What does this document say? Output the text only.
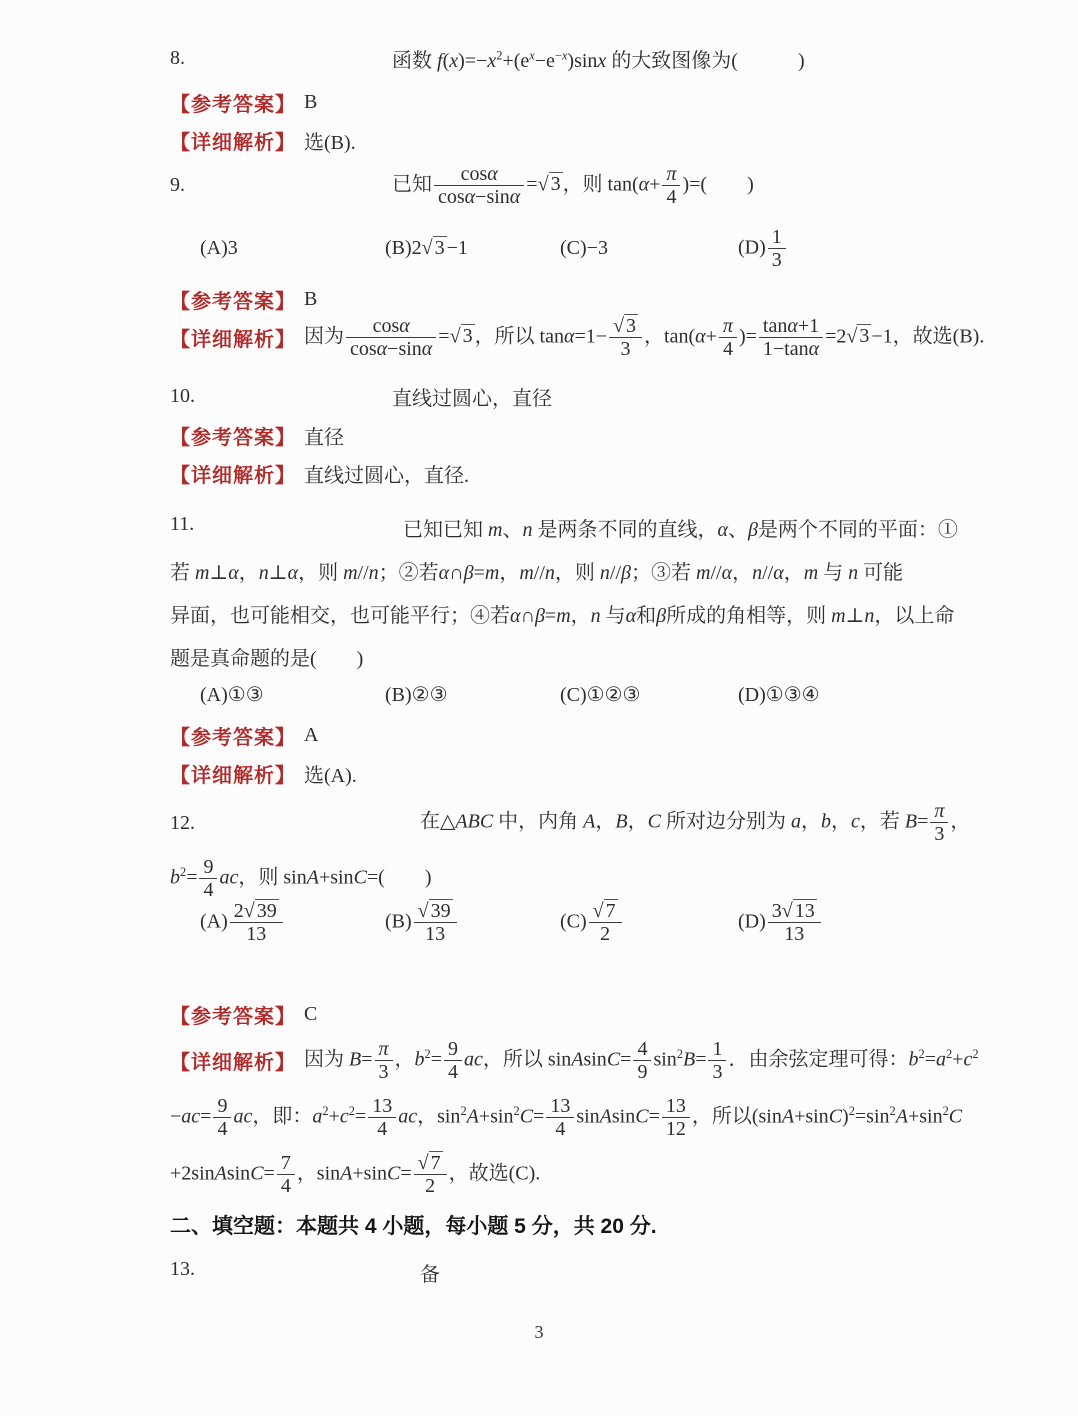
8.	函数 $f(x)=-x^2+(e^x-e^{-x})\sin x$ 的大致图像为(   )
【参考答案】 B
【详细解析】 选(B).
9.	已知 $\frac{\cos\alpha}{\cos\alpha-\sin\alpha}$ =√ 3 ，则 $\tan(\alpha+ \frac{\pi}{4}$ )=(  )
(A)3	(B)2√ 3 −1	(C)−3	$(D) \frac{1}{3}$
【参考答案】 B
【详细解析】 因为 $\frac{\cos\alpha}{\cos\alpha-\sin\alpha}$ =√ 3 ，所以 $\tan\alpha=1- \frac{√ 3}{3}$ ，$\tan(\alpha+ \frac{\pi}{4}$ )= $\frac{\tan\alpha+1}{1-\tan\alpha} =2√$ 3 −1，故选(B).
10.	直线过圆心，直径
【参考答案】 直径
【详细解析】 直线过圆心，直径.
11.	已知已知 m、n 是两条不同的直线，α、β是两个不同的平面：①
若 m⊥α，n⊥α，则 m//n；②若α∩β=m，m//n，则 n//β；③若 m//α，n//α，m 与 n 可能
异面，也可能相交，也可能平行；④若α∩β=m，n 与α和β所成的角相等，则 m⊥n，以上命
题是真命题的是(  )
(A)①③	(B)②③	(C)①②③	(D)①③④
【参考答案】 A
【详细解析】 选(A).
12.	在△ABC 中，内角 A，B，C 所对边分别为 a，b，c，若 $B= \frac{\pi}{3}$ ，
$b^2= \frac{9}{4}$ ac，则 sinA+sinC=(  )
$(A) \frac{2√ 39}{13}$	$(B) \frac{√ 39}{13}$	$(C) \frac{√ 7}{2}$	$(D) \frac{3√ 13}{13}$
【参考答案】 C
【详细解析】 因为 $B= \frac{\pi}{3}$ ，$b^2= \frac{9}{4}$ ac，所以 sinAsinC= $\frac{4}{9} \sin^2B= \frac{1}{3}$ ．由余弦定理可得：$b^2=a^2+c^2$
$-ac= \frac{9}{4}$ ac，即：$a^2+c^2= \frac{13}{4}$ ac，$\sin^2A+\sin^2C= \frac{13}{4}$ sinAsinC= $\frac{13}{12}$ ，所以$(\sin A+\sin C)^2=\sin^2A+\sin^2C$
+2sinAsinC= $\frac{7}{4}$ ，$\sin A+\sin C= \frac{√ 7}{2}$ ，故选(C).
二、填空题：本题共 4 小题，每小题 5 分，共 20 分.
13.	备
3
